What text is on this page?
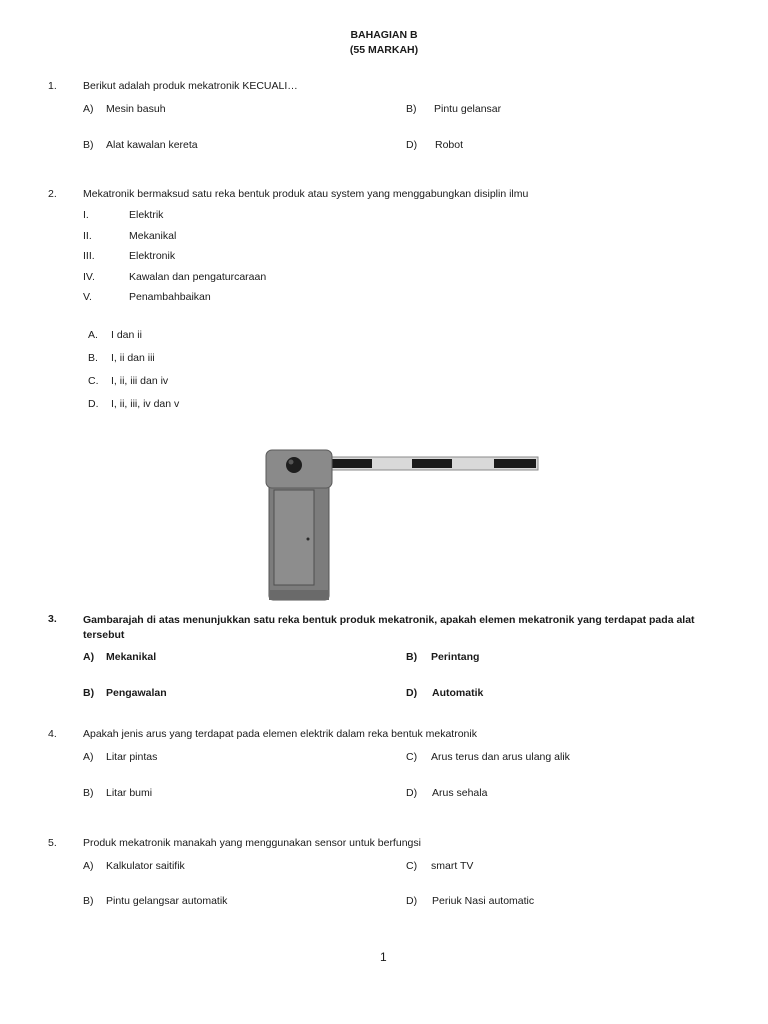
BAHAGIAN B
(55 MARKAH)
1. Berikut adalah produk mekatronik KECUALI…
A) Mesin basuh	B) Pintu gelansar
B) Alat kawalan kereta	D) Robot
2. Mekatronik bermaksud satu reka bentuk produk atau system yang menggabungkan disiplin ilmu
I.	Elektrik
II.	Mekanikal
III.	Elektronik
IV.	Kawalan dan pengaturcaraan
V.	Penambahbaikan
A. I dan ii
B. I, ii dan iii
C. I, ii, iii dan iv
D. I, ii, iii, iv dan v
3. Gambarajah di atas menunjukkan satu reka bentuk produk mekatronik, apakah elemen mekatronik yang terdapat pada alat tersebut
A) Mekanikal	B) Perintang
B) Pengawalan	D) Automatik
4. Apakah jenis arus yang terdapat pada elemen elektrik dalam reka bentuk mekatronik
A) Litar pintas	C) Arus terus dan arus ulang alik
B) Litar bumi	D) Arus sehala
5. Produk mekatronik manakah yang menggunakan sensor untuk berfungsi
A) Kalkulator saitifik	C) smart TV
B) Pintu gelangsar automatik	D) Periuk Nasi automatic
1
